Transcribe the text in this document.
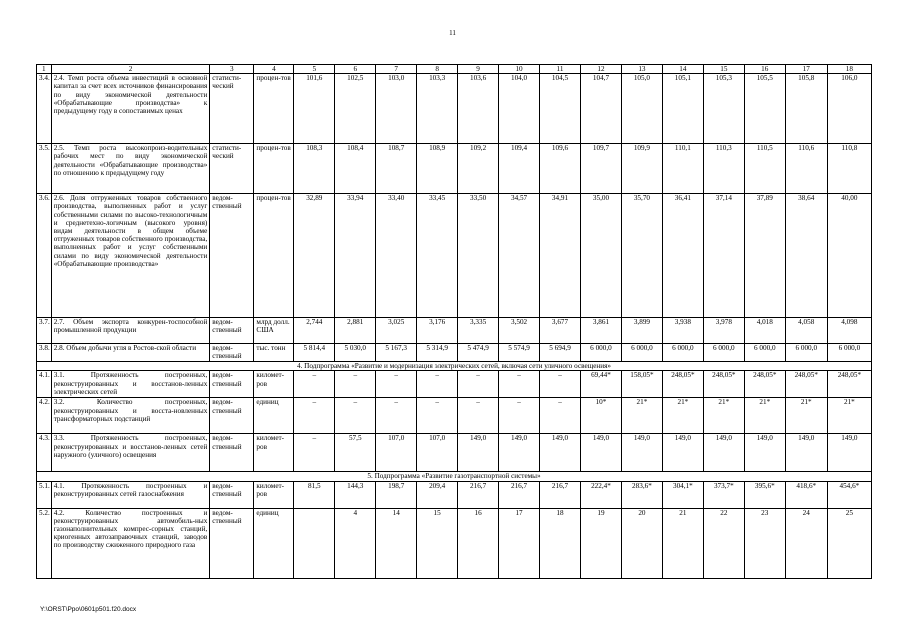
11
1	2	3	4	5	6	7	8	9	10	11	12	13	14	15	16	17	18
3.4.	2.4. Темп роста объема инвестиций в основной капитал за счет всех источников финансирования по виду экономической деятельности «Обрабатывающие производства» к предыдущему году в сопоставимых ценах	статисти-ческий	процен-тов	101,6	102,5	103,0	103,3	103,6	104,0	104,5	104,7	105,0	105,1	105,3	105,5	105,8	106,0
3.5.	2.5. Темп роста высокопроиз-водительных рабочих мест по виду экономической деятельности «Обрабатывающие производства» по отношению к предыдущему году	статисти-ческий	процен-тов	108,3	108,4	108,7	108,9	109,2	109,4	109,6	109,7	109,9	110,1	110,3	110,5	110,6	110,8
3.6.	2.6. Доля отгруженных товаров собственного производства, выполненных работ и услуг собственными силами по высоко-технологичным и среднетехно-логичным (высокого уровня) видам деятельности в общем объеме отгруженных товаров собственного производства, выполненных работ и услуг собственными силами по виду экономической деятельности «Обрабатывающие производства»	ведом-ственный	процен-тов	32,89	33,94	33,40	33,45	33,50	34,57	34,91	35,00	35,70	36,41	37,14	37,89	38,64	40,00
3.7.	2.7. Объем экспорта конкурен-тоспособной промышленной продукции	ведом-ственный	млрд долл. США	2,744	2,881	3,025	3,176	3,335	3,502	3,677	3,861	3,899	3,938	3,978	4,018	4,058	4,098
3.8.	2.8. Объем добычи угля в Ростов-ской области	ведом-ственный	тыс. тонн	5 814,4	5 030,0	5 167,3	5 314,9	5 474,9	5 574,9	5 694,9	6 000,0	6 000,0	6 000,0	6 000,0	6 000,0	6 000,0	6 000,0
4. Подпрограмма «Развитие и модернизация электрических сетей, включая сети уличного освещения»																	
4.1.	3.1. Протяженность построенных, реконструированных и восстанов-ленных электрических сетей	ведом-ственный	километ-ров	–	–	–	–	–	–	–	69,44*	158,05*	248,05*	248,05*	248,05*	248,05*	248,05*
4.2.	3.2. Количество построенных, реконструированных и восста-новленных трансформаторных подстанций	ведом-ственный	единиц	–	–	–	–	–	–	–	10*	21*	21*	21*	21*	21*	21*
4.3.	3.3. Протяженность построенных, реконструированных и восстанов-ленных сетей наружного (уличного) освещения	ведом-ственный	километ-ров	–	57,5	107,0	107,0	149,0	149,0	149,0	149,0	149,0	149,0	149,0	149,0	149,0	149,0
5. Подпрограмма «Развитие газотранспортной системы»																	
5.1.	4.1. Протяженность построенных и реконструированных сетей газоснабжения	ведом-ственный	километ-ров	81,5	144,3	198,7	209,4	216,7	216,7	216,7	222,4*	283,6*	304,1*	373,7*	395,6*	418,6*	454,6*
5.2.	4.2. Количество построенных и реконструированных автомобиль-ных газонаполнительных компрес-сорных станций, криогенных автозаправочных станций, заводов по производству сжиженного природного газа	ведом-ственный	единиц		4	14	15	16	17	18	19	20	21	22	23	24	25
Y:\ORST\Ppo\0601p501.f20.docx
